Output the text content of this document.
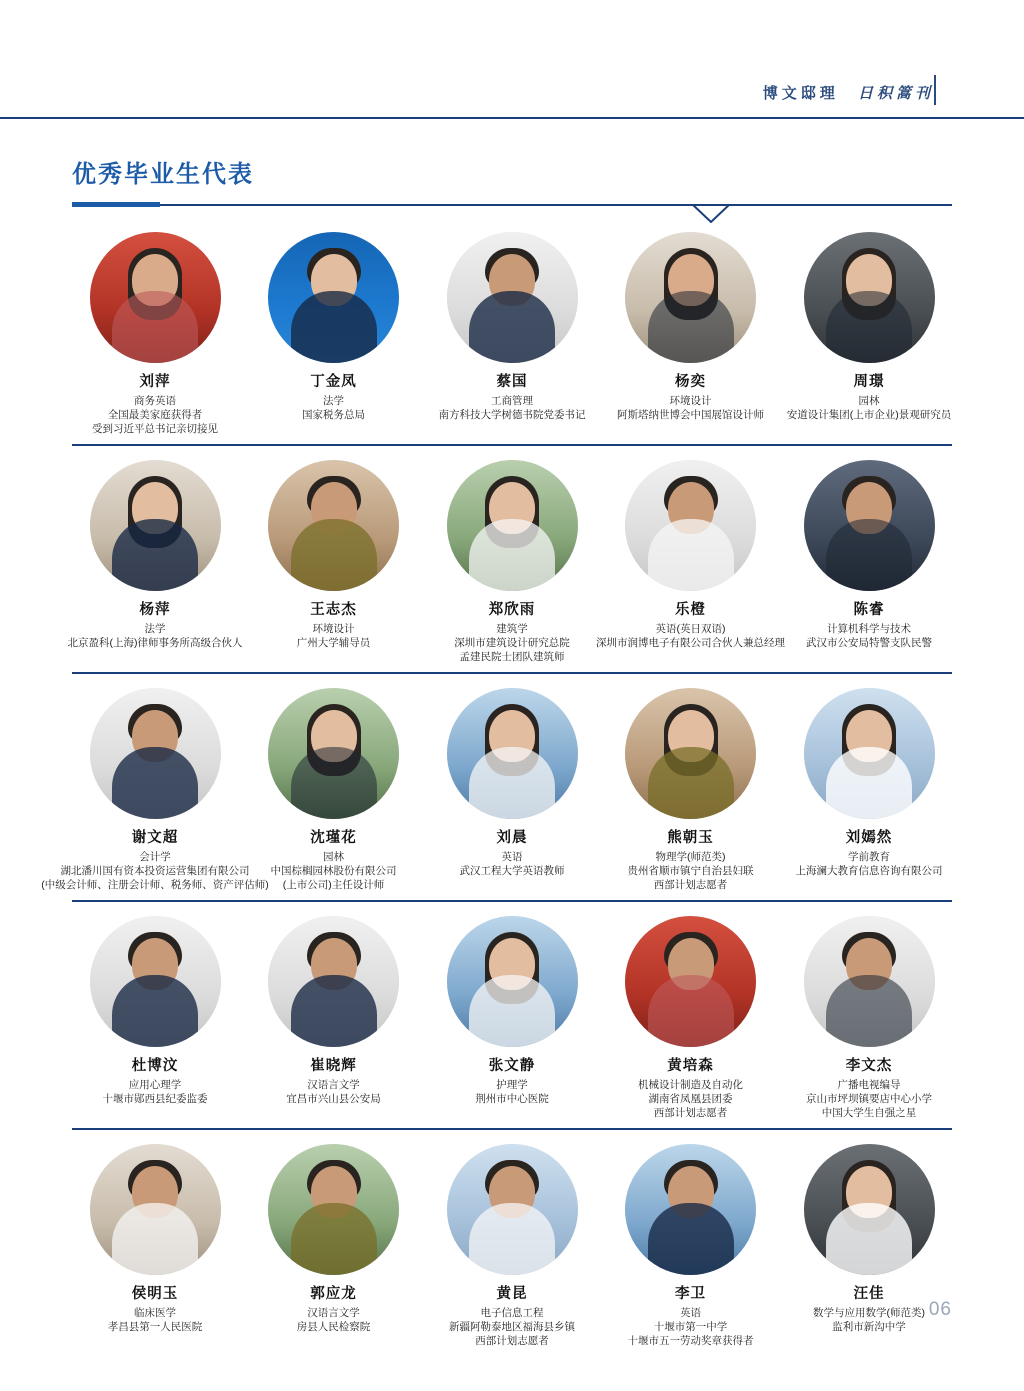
博文邸理 日积篙刊
优秀毕业生代表
刘萍
商务英语
全国最美家庭获得者
受到习近平总书记亲切接见
丁金凤
法学
国家税务总局
蔡国
工商管理
南方科技大学树德书院党委书记
杨奕
环境设计
阿斯塔纳世博会中国展馆设计师
周璟
园林
安道设计集团(上市企业)景观研究员
杨萍
法学
北京盈科(上海)律师事务所高级合伙人
王志杰
环境设计
广州大学辅导员
郑欣雨
建筑学
深圳市建筑设计研究总院
孟建民院士团队建筑师
乐橙
英语(英日双语)
深圳市润博电子有限公司合伙人兼总经理
陈睿
计算机科学与技术
武汉市公安局特警支队民警
谢文超
会计学
湖北潘川国有资本投资运营集团有限公司
(中级会计师、注册会计师、税务师、资产评估师)
沈瑾花
园林
中国棕榈园林股份有限公司
(上市公司)主任设计师
刘晨
英语
武汉工程大学英语教师
熊朝玉
物理学(师范类)
贵州省顺市镇宁自治县妇联
西部计划志愿者
刘嫣然
学前教育
上海澜大教育信息咨询有限公司
杜博汶
应用心理学
十堰市郧西县纪委监委
崔晓辉
汉语言文学
宜昌市兴山县公安局
张文静
护理学
荆州市中心医院
黄培森
机械设计制造及自动化
湖南省凤凰县团委
西部计划志愿者
李文杰
广播电视编导
京山市坪坝镇要店中心小学
中国大学生自强之星
侯明玉
临床医学
孝昌县第一人民医院
郭应龙
汉语言文学
房县人民检察院
黄昆
电子信息工程
新疆阿勒泰地区福海县乡镇
西部计划志愿者
李卫
英语
十堰市第一中学
十堰市五一劳动奖章获得者
汪佳
数学与应用数学(师范类)
监利市新沟中学
06
